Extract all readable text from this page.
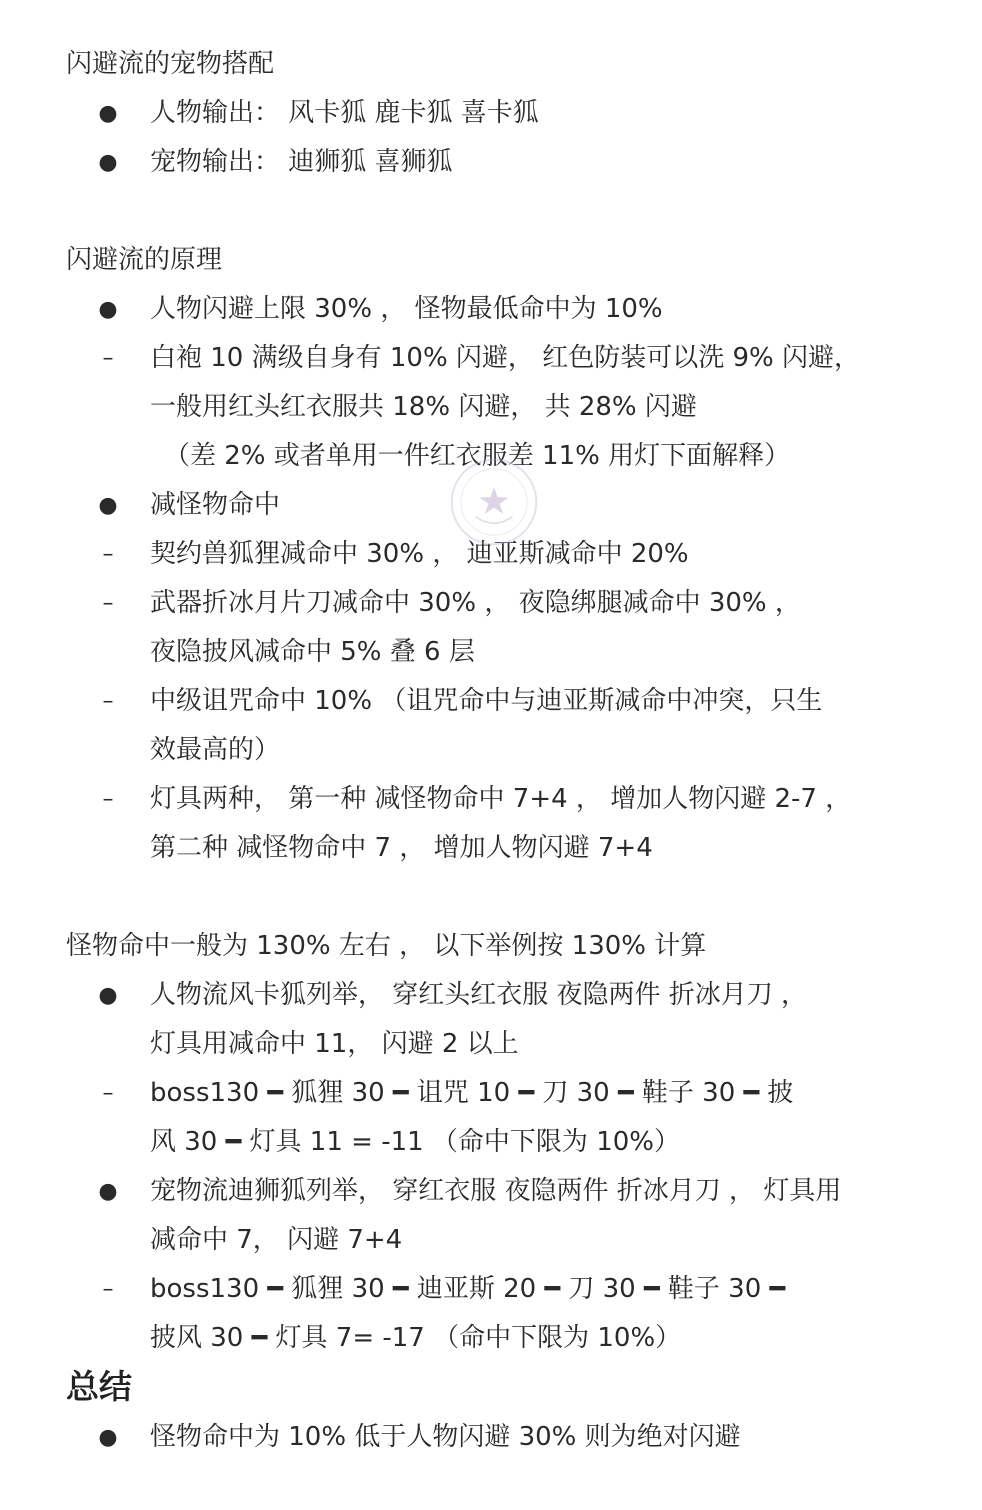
闪避流的宠物搭配
● 人物输出： 风卡狐 鹿卡狐 喜卡狐
● 宠物输出： 迪狮狐 喜狮狐
闪避流的原理
● 人物闪避上限 30% ， 怪物最低命中为 10%
– 白袍 10 满级自身有 10% 闪避， 红色防装可以洗 9% 闪避，
一般用红头红衣服共 18% 闪避， 共 28% 闪避
（差 2% 或者单用一件红衣服差 11% 用灯下面解释）
● 减怪物命中
– 契约兽狐狸减命中 30% ， 迪亚斯减命中 20%
– 武器折冰月片刀减命中 30% ， 夜隐绑腿减命中 30% ，
夜隐披风减命中 5% 叠 6 层
– 中级诅咒命中 10% （诅咒命中与迪亚斯减命中冲突，只生
效最高的）
– 灯具两种， 第一种 减怪物命中 7+4 ， 增加人物闪避 2-7 ，
第二种 减怪物命中 7 ， 增加人物闪避 7+4
怪物命中一般为 130% 左右 ， 以下举例按 130% 计算
● 人物流风卡狐列举， 穿红头红衣服 夜隐两件 折冰月刀 ，
灯具用减命中 11， 闪避 2 以上
– boss130 ━ 狐狸 30 ━ 诅咒 10 ━ 刀 30 ━ 鞋子 30 ━ 披
风 30 ━ 灯具 11 = -11 （命中下限为 10%）
● 宠物流迪狮狐列举， 穿红衣服 夜隐两件 折冰月刀 ， 灯具用
减命中 7， 闪避 7+4
– boss130 ━ 狐狸 30 ━ 迪亚斯 20 ━ 刀 30 ━ 鞋子 30 ━
披风 30 ━ 灯具 7= -17 （命中下限为 10%）
总结
● 怪物命中为 10% 低于人物闪避 30% 则为绝对闪避
